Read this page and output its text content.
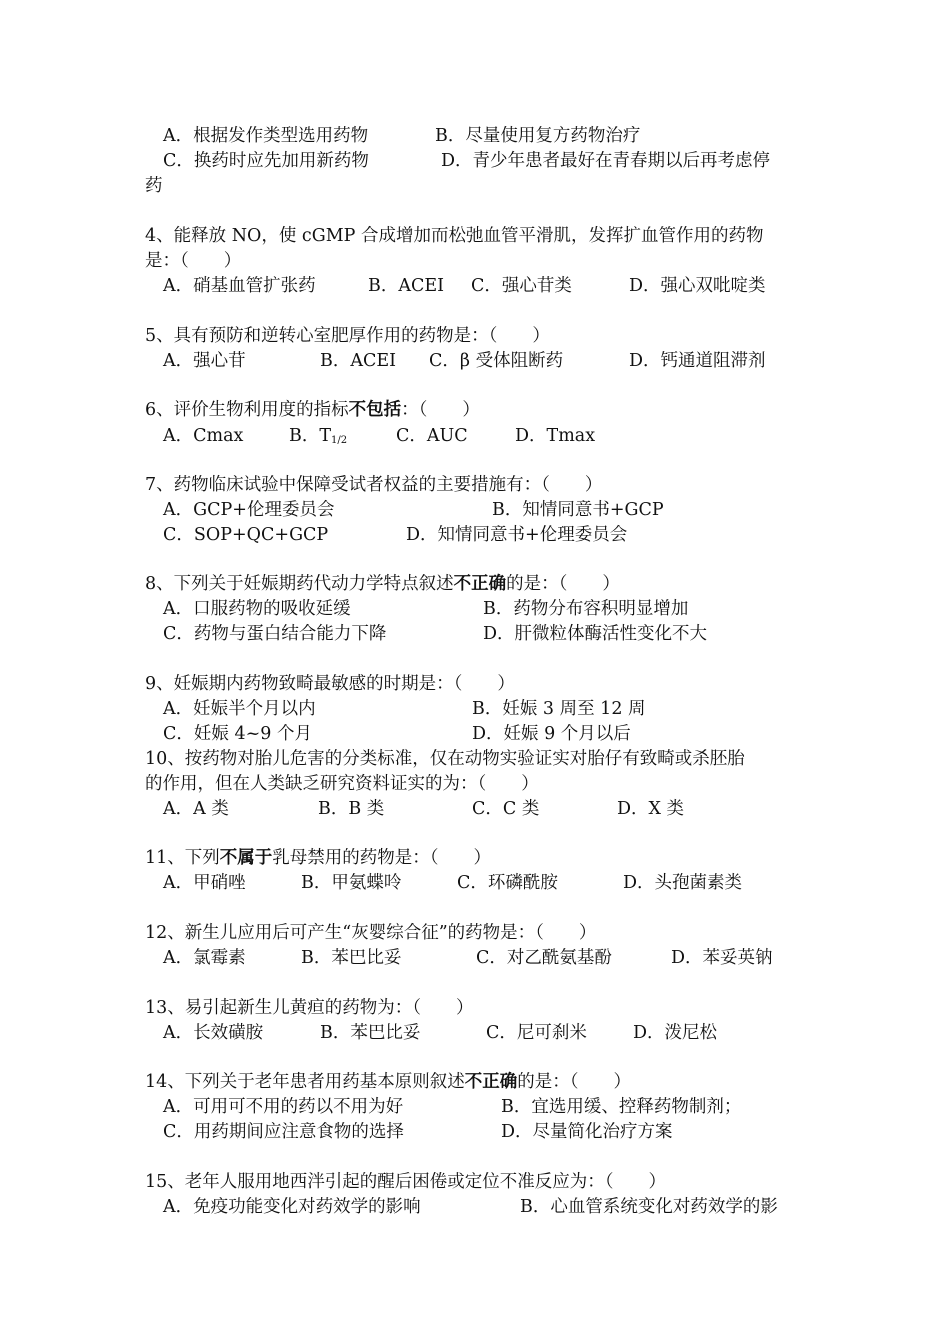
A．根据发作类型选用药物	B．尽量使用复方药物治疗
C．换药时应先加用新药物	D．青少年患者最好在青春期以后再考虑停
药
4、能释放 NO，使 cGMP 合成增加而松弛血管平滑肌，发挥扩血管作用的药物
是：（　　）
A．硝基血管扩张药	B．ACEI C．强心苷类	D．强心双吡啶类
5、具有预防和逆转心室肥厚作用的药物是：（　　）
A．强心苷	B．ACEI C．β 受体阻断药	D．钙通道阻滞剂
6、评价生物利用度的指标不包括：（　　）
A．Cmax	B．$T_{1/2}$	C．AUC	D．Tmax
7、药物临床试验中保障受试者权益的主要措施有：（　　）
A．GCP+伦理委员会	B．知情同意书+GCP
C．SOP+QC+GCP	D．知情同意书+伦理委员会
8、下列关于妊娠期药代动力学特点叙述不正确的是：（　　）
A．口服药物的吸收延缓	B．药物分布容积明显增加
C．药物与蛋白结合能力下降	D．肝微粒体酶活性变化不大
9、妊娠期内药物致畸最敏感的时期是：（　　）
A．妊娠半个月以内	B．妊娠 3 周至 12 周
C．妊娠 4~9 个月	D．妊娠 9 个月以后
10、按药物对胎儿危害的分类标准，仅在动物实验证实对胎仔有致畸或杀胚胎
的作用，但在人类缺乏研究资料证实的为：（　　）
A．A 类	B．B 类	C．C 类	D．X 类
11、下列不属于乳母禁用的药物是：（　　）
A．甲硝唑	B．甲氨蝶呤	C．环磷酰胺	D．头孢菌素类
12、新生儿应用后可产生“灰婴综合征”的药物是：（　　）
A．氯霉素	B．苯巴比妥	C．对乙酰氨基酚	D．苯妥英钠
13、易引起新生儿黄疸的药物为：（　　）
A．长效磺胺	B．苯巴比妥	C．尼可刹米	D．泼尼松
14、下列关于老年患者用药基本原则叙述不正确的是：（　　）
A．可用可不用的药以不用为好	B．宜选用缓、控释药物制剂；
C．用药期间应注意食物的选择	D．尽量简化治疗方案
15、老年人服用地西泮引起的醒后困倦或定位不准反应为：（　　）
A．免疫功能变化对药效学的影响	B．心血管系统变化对药效学的影
